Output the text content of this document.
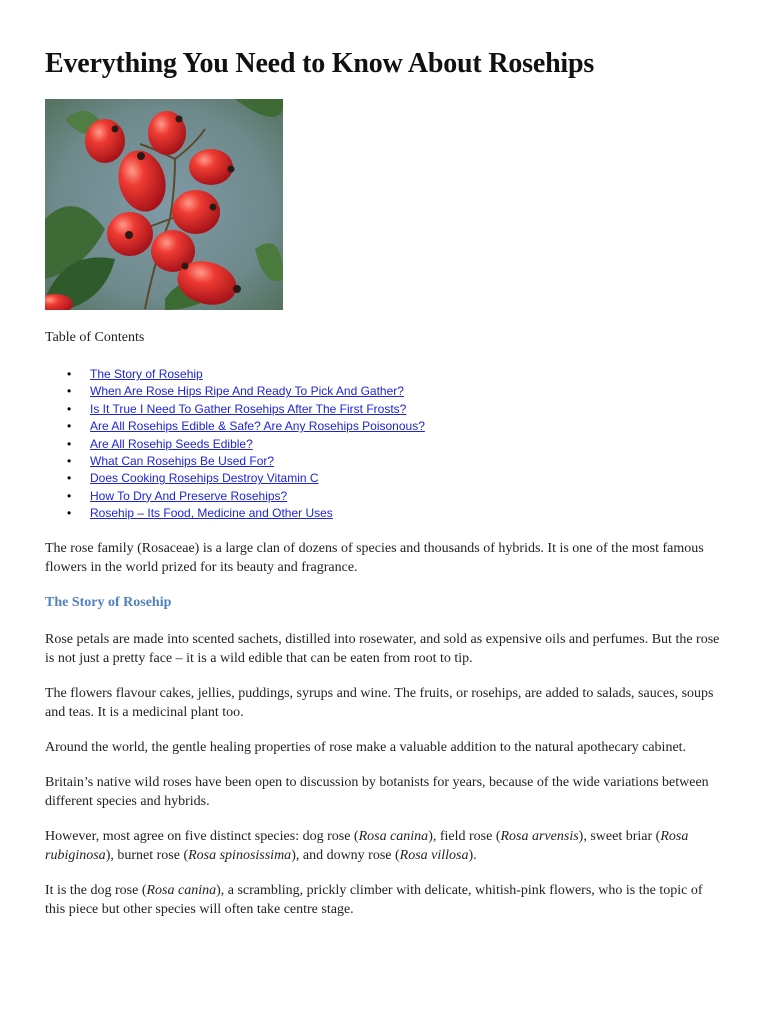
Everything You Need to Know About Rosehips
Table of Contents
• The Story of Rosehip
• When Are Rose Hips Ripe And Ready To Pick And Gather?
• Is It True I Need To Gather Rosehips After The First Frosts?
• Are All Rosehips Edible & Safe? Are Any Rosehips Poisonous?
• Are All Rosehip Seeds Edible?
• What Can Rosehips Be Used For?
• Does Cooking Rosehips Destroy Vitamin C
• How To Dry And Preserve Rosehips?
• Rosehip – Its Food, Medicine and Other Uses

The rose family (Rosaceae) is a large clan of dozens of species and thousands of hybrids. It is one of the most famous flowers in the world prized for its beauty and fragrance.

The Story of Rosehip

Rose petals are made into scented sachets, distilled into rosewater, and sold as expensive oils and perfumes. But the rose is not just a pretty face – it is a wild edible that can be eaten from root to tip.

The flowers flavour cakes, jellies, puddings, syrups and wine. The fruits, or rosehips, are added to salads, sauces, soups and teas. It is a medicinal plant too.

Around the world, the gentle healing properties of rose make a valuable addition to the natural apothecary cabinet.

Britain’s native wild roses have been open to discussion by botanists for years, because of the wide variations between different species and hybrids.

However, most agree on five distinct species: dog rose (Rosa canina), field rose (Rosa arvensis), sweet briar (Rosa rubiginosa), burnet rose (Rosa spinosissima), and downy rose (Rosa villosa).

It is the dog rose (Rosa canina), a scrambling, prickly climber with delicate, whitish-pink flowers, who is the topic of this piece but other species will often take centre stage.
